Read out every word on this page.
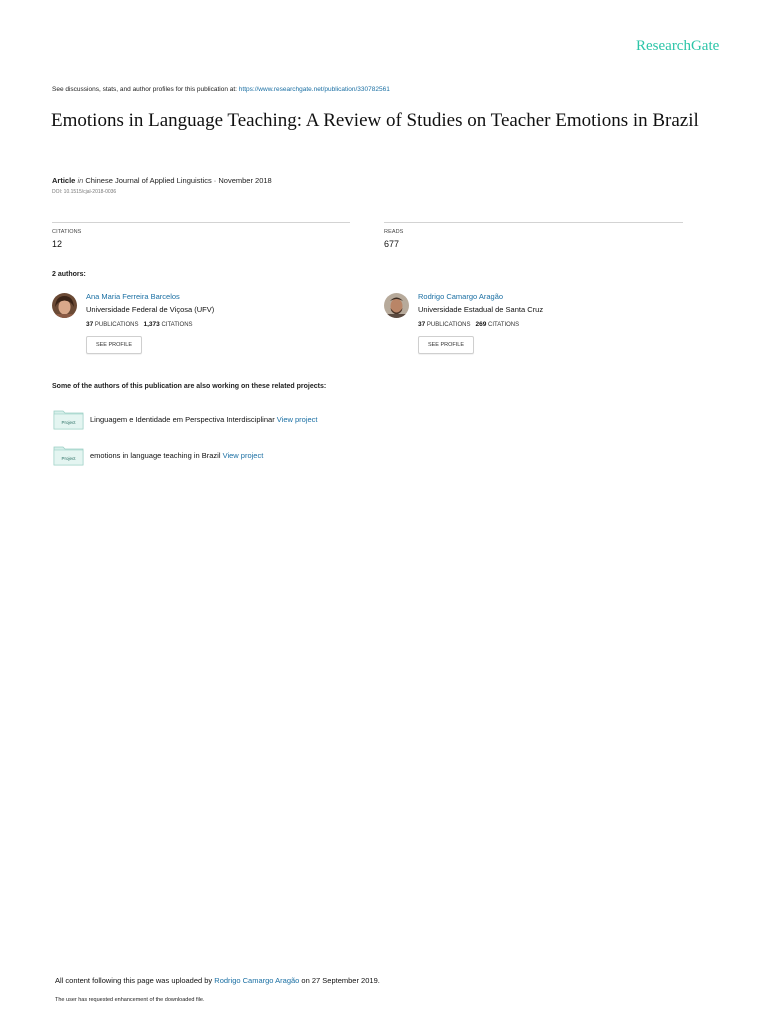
ResearchGate
See discussions, stats, and author profiles for this publication at: https://www.researchgate.net/publication/330782561
Emotions in Language Teaching: A Review of Studies on Teacher Emotions in Brazil
Article in Chinese Journal of Applied Linguistics · November 2018
DOI: 10.1515/cjal-2018-0036
CITATIONS
12
READS
677
2 authors:
Ana Maria Ferreira Barcelos
Universidade Federal de Viçosa (UFV)
37 PUBLICATIONS 1,373 CITATIONS
SEE PROFILE
Rodrigo Camargo Aragão
Universidade Estadual de Santa Cruz
37 PUBLICATIONS 269 CITATIONS
SEE PROFILE
Some of the authors of this publication are also working on these related projects:
Project Linguagem e Identidade em Perspectiva Interdisciplinar View project
Project emotions in language teaching in Brazil View project
All content following this page was uploaded by Rodrigo Camargo Aragão on 27 September 2019.
The user has requested enhancement of the downloaded file.
